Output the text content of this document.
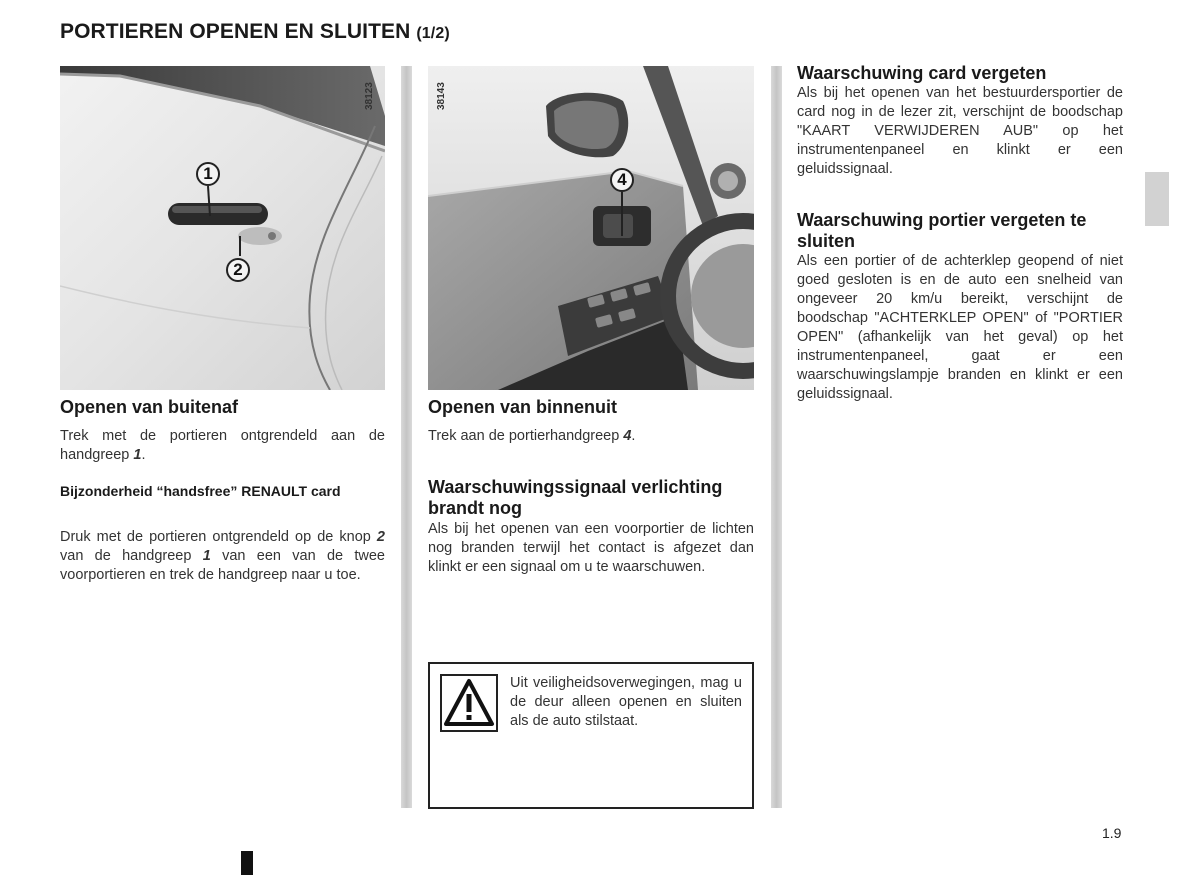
PORTIEREN OPENEN EN SLUITEN (1/2)
38123
1
2
38143
4
Openen van buitenaf

Trek met de portieren ontgrendeld aan de handgreep 1.

Bijzonderheid “handsfree” RENAULT card

Druk met de portieren ontgrendeld op de knop 2 van de handgreep 1 van een van de twee voorportieren en trek de handgreep naar u toe.

Openen van binnenuit

Trek aan de portierhandgreep 4.

Waarschuwingssignaal verlichting brandt nog

Als bij het openen van een voorportier de lichten nog branden terwijl het contact is afgezet dan klinkt er een signaal om u te waarschuwen.

Uit veiligheidsoverwegingen, mag u de deur alleen openen en sluiten als de auto stilstaat.

Waarschuwing card vergeten

Als bij het openen van het bestuurdersportier de card nog in de lezer zit, verschijnt de boodschap "KAART VERWIJDEREN AUB" op het instrumentenpaneel en klinkt er een geluidssignaal.

Waarschuwing portier vergeten te sluiten

Als een portier of de achterklep geopend of niet goed gesloten is en de auto een snelheid van ongeveer 20 km/u bereikt, verschijnt de boodschap "ACHTERKLEP OPEN" of "PORTIER OPEN" (afhankelijk van het geval) op het instrumentenpaneel, gaat er een waarschuwingslampje branden en klinkt er een geluidssignaal.

1.9
